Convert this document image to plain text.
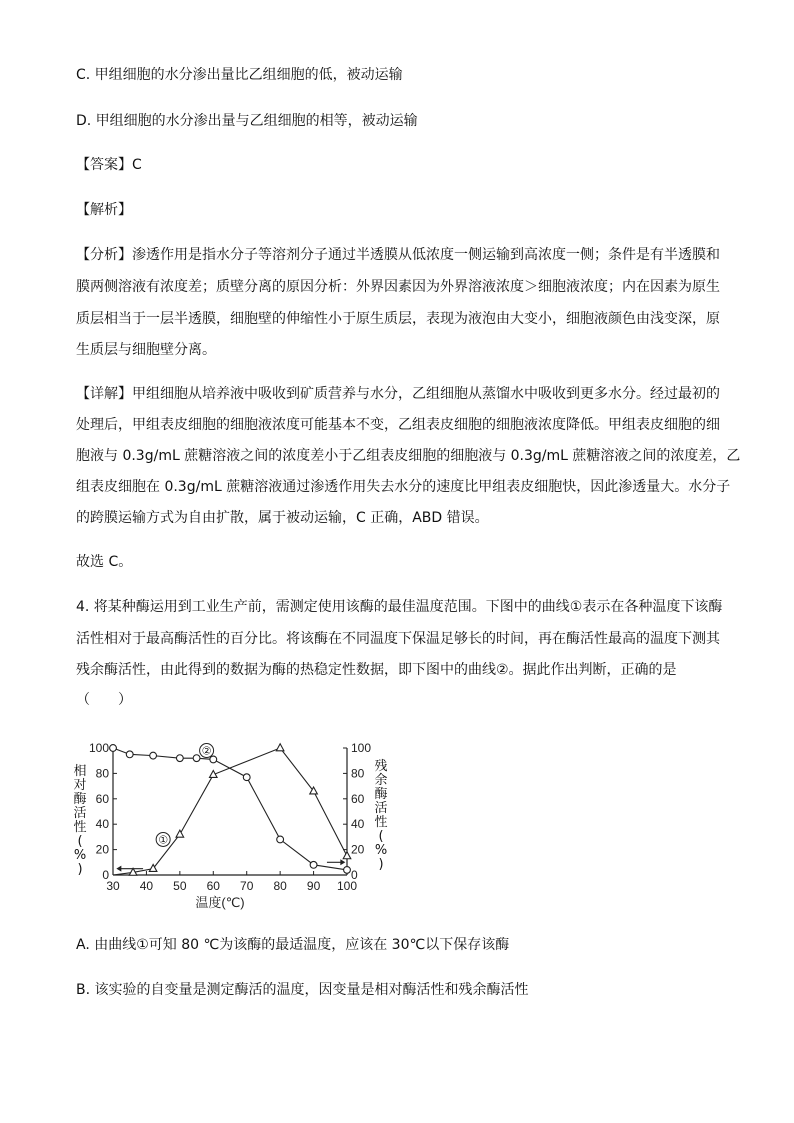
C. 甲组细胞的水分渗出量比乙组细胞的低，被动运输
D. 甲组细胞的水分渗出量与乙组细胞的相等，被动运输
【答案】C
【解析】
【分析】渗透作用是指水分子等溶剂分子通过半透膜从低浓度一侧运输到高浓度一侧；条件是有半透膜和
膜两侧溶液有浓度差；质壁分离的原因分析：外界因素因为外界溶液浓度＞细胞液浓度；内在因素为原生
质层相当于一层半透膜，细胞壁的伸缩性小于原生质层，表现为液泡由大变小，细胞液颜色由浅变深，原
生质层与细胞壁分离。
【详解】甲组细胞从培养液中吸收到矿质营养与水分，乙组细胞从蒸馏水中吸收到更多水分。经过最初的
处理后，甲组表皮细胞的细胞液浓度可能基本不变，乙组表皮细胞的细胞液浓度降低。甲组表皮细胞的细
胞液与 0.3g/mL 蔗糖溶液之间的浓度差小于乙组表皮细胞的细胞液与 0.3g/mL 蔗糖溶液之间的浓度差，乙
组表皮细胞在 0.3g/mL 蔗糖溶液通过渗透作用失去水分的速度比甲组表皮细胞快，因此渗透量大。水分子
的跨膜运输方式为自由扩散，属于被动运输，C 正确，ABD 错误。
故选 C。
4. 将某种酶运用到工业生产前，需测定使用该酶的最佳温度范围。下图中的曲线①表示在各种温度下该酶
活性相对于最高酶活性的百分比。将该酶在不同温度下保温足够长的时间，再在酶活性最高的温度下测其
残余酶活性，由此得到的数据为酶的热稳定性数据，即下图中的曲线②。据此作出判断，正确的是
（　　）
0	0
20	20
40	40
60	60
80	80
100	100
30 40 50 60 70 80 90 100
温度(℃)
①
②
相
对
酶
活
性
(
%
)
残
余
酶
活
性
(
%
)
A. 由曲线①可知 80 ℃为该酶的最适温度，应该在 30℃以下保存该酶
B. 该实验的自变量是测定酶活的温度，因变量是相对酶活性和残余酶活性
